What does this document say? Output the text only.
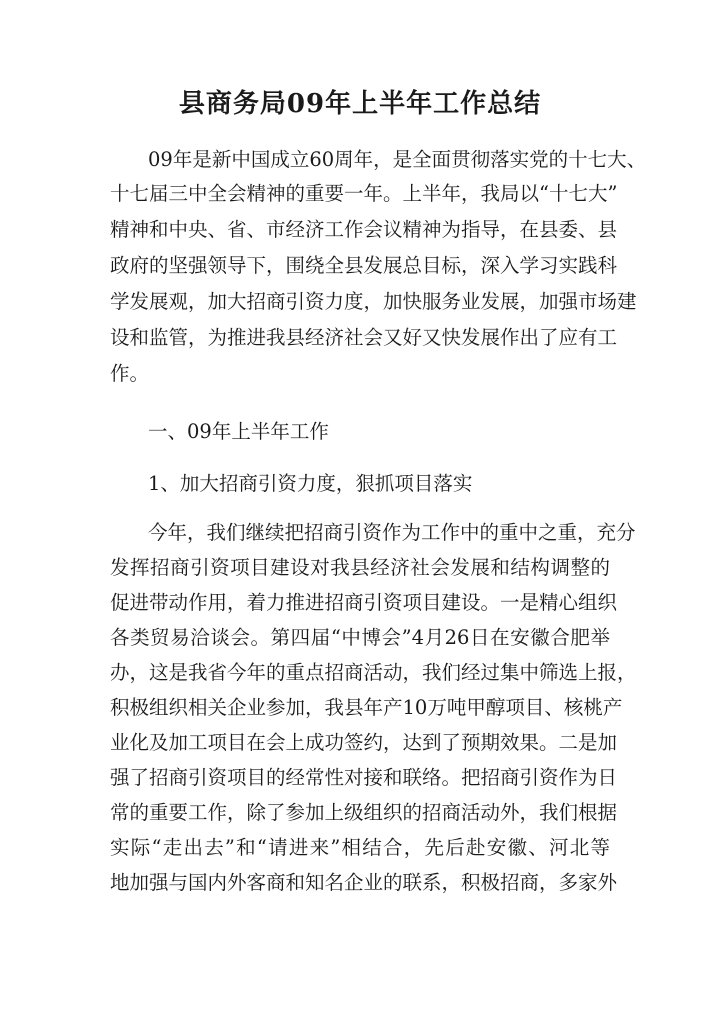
县商务局09年上半年工作总结
09年是新中国成立60周年，是全面贯彻落实党的十七大、
十七届三中全会精神的重要一年。上半年，我局以“十七大”
精神和中央、省、市经济工作会议精神为指导，在县委、县
政府的坚强领导下，围绕全县发展总目标，深入学习实践科
学发展观，加大招商引资力度，加快服务业发展，加强市场建
设和监管，为推进我县经济社会又好又快发展作出了应有工
作。
一、09年上半年工作
1、加大招商引资力度，狠抓项目落实
今年，我们继续把招商引资作为工作中的重中之重，充分
发挥招商引资项目建设对我县经济社会发展和结构调整的
促进带动作用，着力推进招商引资项目建设。一是精心组织
各类贸易洽谈会。第四届“中博会”4月26日在安徽合肥举
办，这是我省今年的重点招商活动，我们经过集中筛选上报，
积极组织相关企业参加，我县年产10万吨甲醇项目、核桃产
业化及加工项目在会上成功签约，达到了预期效果。二是加
强了招商引资项目的经常性对接和联络。把招商引资作为日
常的重要工作，除了参加上级组织的招商活动外，我们根据
实际“走出去”和“请进来”相结合，先后赴安徽、河北等
地加强与国内外客商和知名企业的联系，积极招商，多家外
